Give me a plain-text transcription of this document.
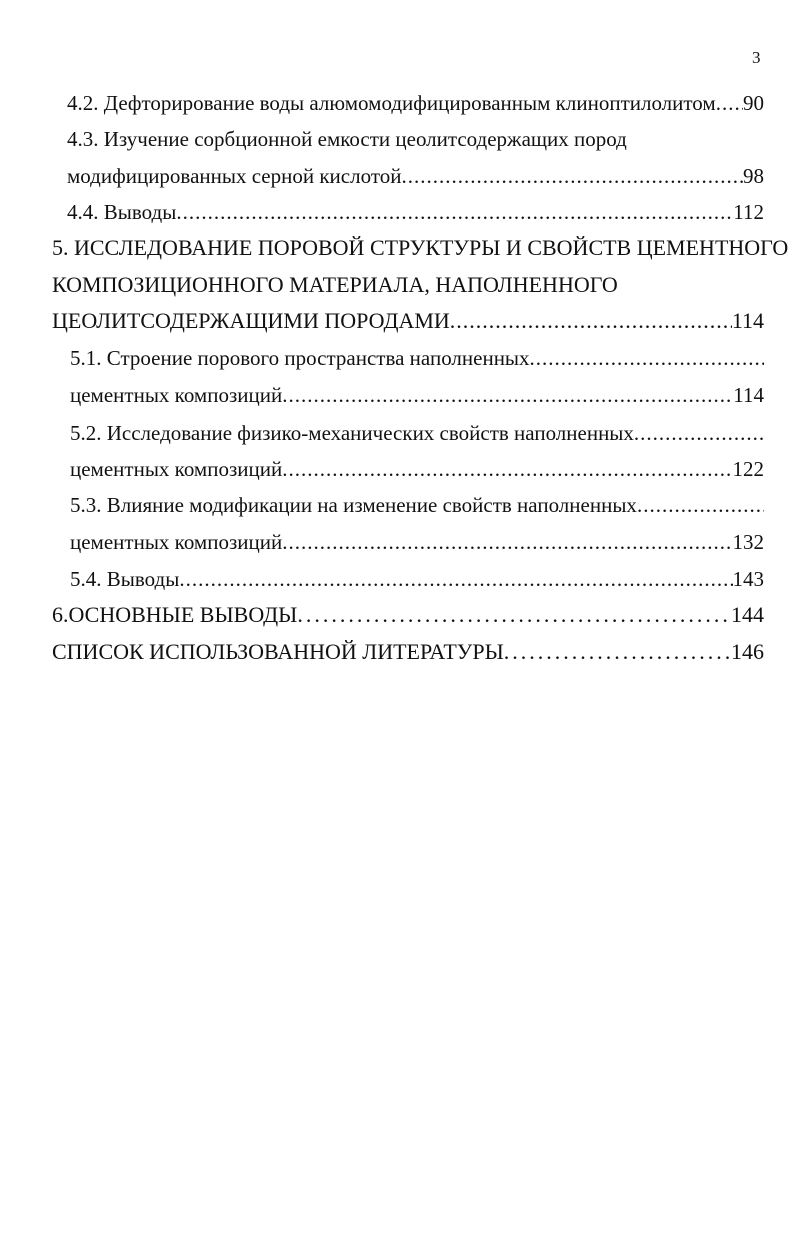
3
4.2. Дефторирование воды алюмомодифицированным клиноптилолитом ..... 90
4.3. Изучение сорбционной емкости цеолитсодержащих пород
модифицированных серной кислотой .....	98
4.4. Выводы .....	112
5. ИССЛЕДОВАНИЕ ПОРОВОЙ СТРУКТУРЫ И СВОЙСТВ ЦЕМЕНТНОГО
КОМПОЗИЦИОННОГО МАТЕРИАЛА, НАПОЛНЕННОГО
ЦЕОЛИТСОДЕРЖАЩИМИ ПОРОДАМИ .....	114
5.1. Строение порового пространства наполненных
.....
цементных композиций .....	114
5.2. Исследование физико-механических свойств наполненных
.....
цементных композиций .....	122
5.3. Влияние модификации на изменение свойств наполненных
.....
цементных композиций .....	132
5.4. Выводы .....	143
6.ОСНОВНЫЕ ВЫВОДЫ .....	144
СПИСОК ИСПОЛЬЗОВАННОЙ ЛИТЕРАТУРЫ .....	146
